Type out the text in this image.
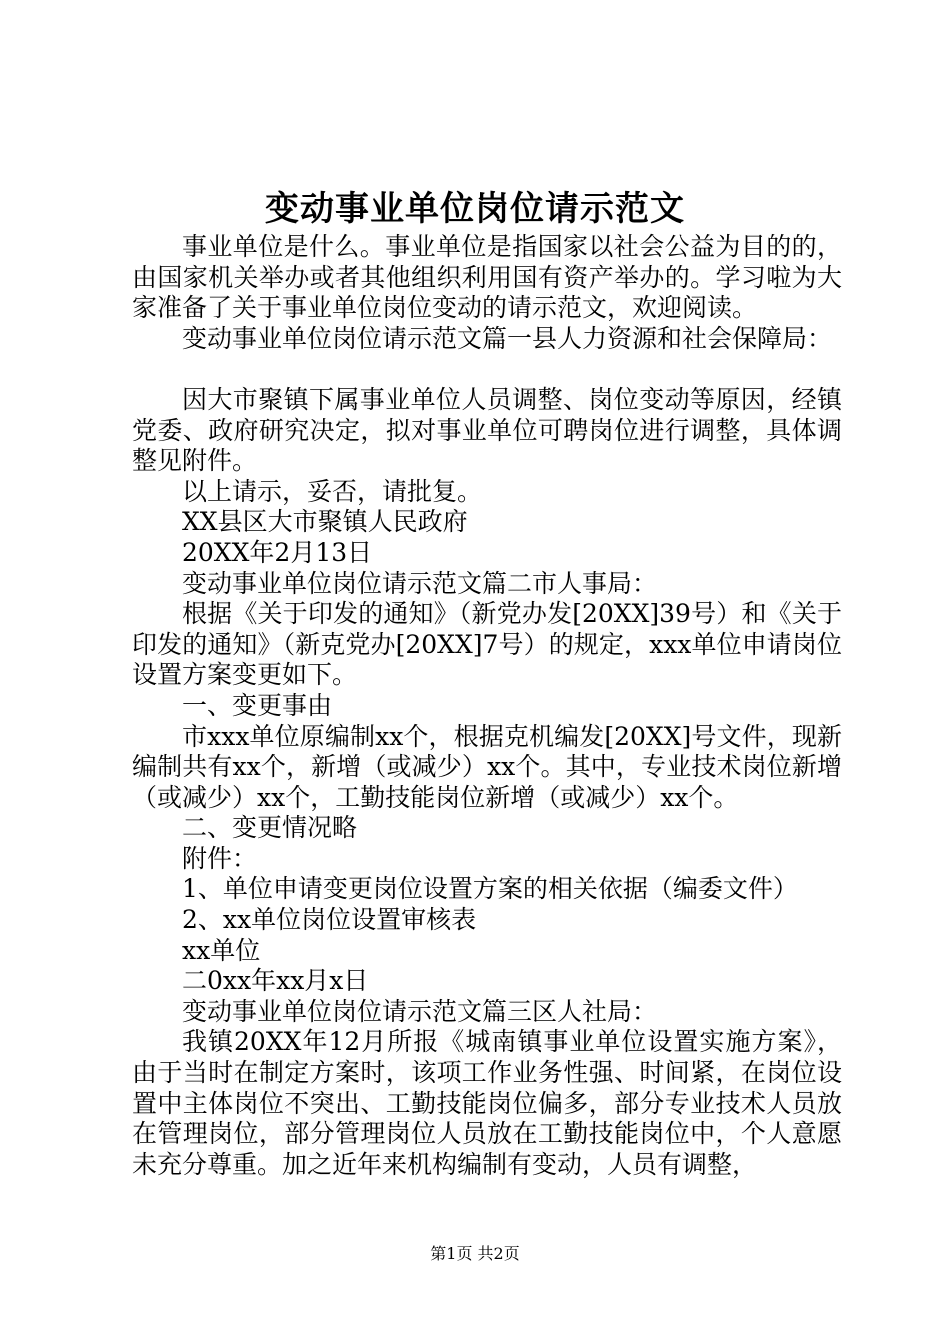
变动事业单位岗位请示范文

事业单位是什么。事业单位是指国家以社会公益为目的的，由国家机关举办或者其他组织利用国有资产举办的。学习啦为大家准备了关于事业单位岗位变动的请示范文，欢迎阅读。

变动事业单位岗位请示范文篇一县人力资源和社会保障局：

因大市聚镇下属事业单位人员调整、岗位变动等原因，经镇党委、政府研究决定，拟对事业单位可聘岗位进行调整，具体调整见附件。

以上请示，妥否，请批复。

XX县区大市聚镇人民政府

20XX年2月13日

变动事业单位岗位请示范文篇二市人事局：

根据《关于印发的通知》（新党办发[20XX]39号）和《关于印发的通知》（新克党办[20XX]7号）的规定，xxx单位申请岗位设置方案变更如下。

一、变更事由

市xxx单位原编制xx个，根据克机编发[20XX]号文件，现新编制共有xx个，新增（或减少）xx个。其中，专业技术岗位新增（或减少）xx个，工勤技能岗位新增（或减少）xx个。

二、变更情况略

附件：

1、单位申请变更岗位设置方案的相关依据（编委文件）

2、xx单位岗位设置审核表

xx单位

二0xx年xx月x日

变动事业单位岗位请示范文篇三区人社局：

我镇20XX年12月所报《城南镇事业单位设置实施方案》，由于当时在制定方案时，该项工作业务性强、时间紧，在岗位设置中主体岗位不突出、工勤技能岗位偏多，部分专业技术人员放在管理岗位，部分管理岗位人员放在工勤技能岗位中，个人意愿未充分尊重。加之近年来机构编制有变动，人员有调整，

第1页 共2页
